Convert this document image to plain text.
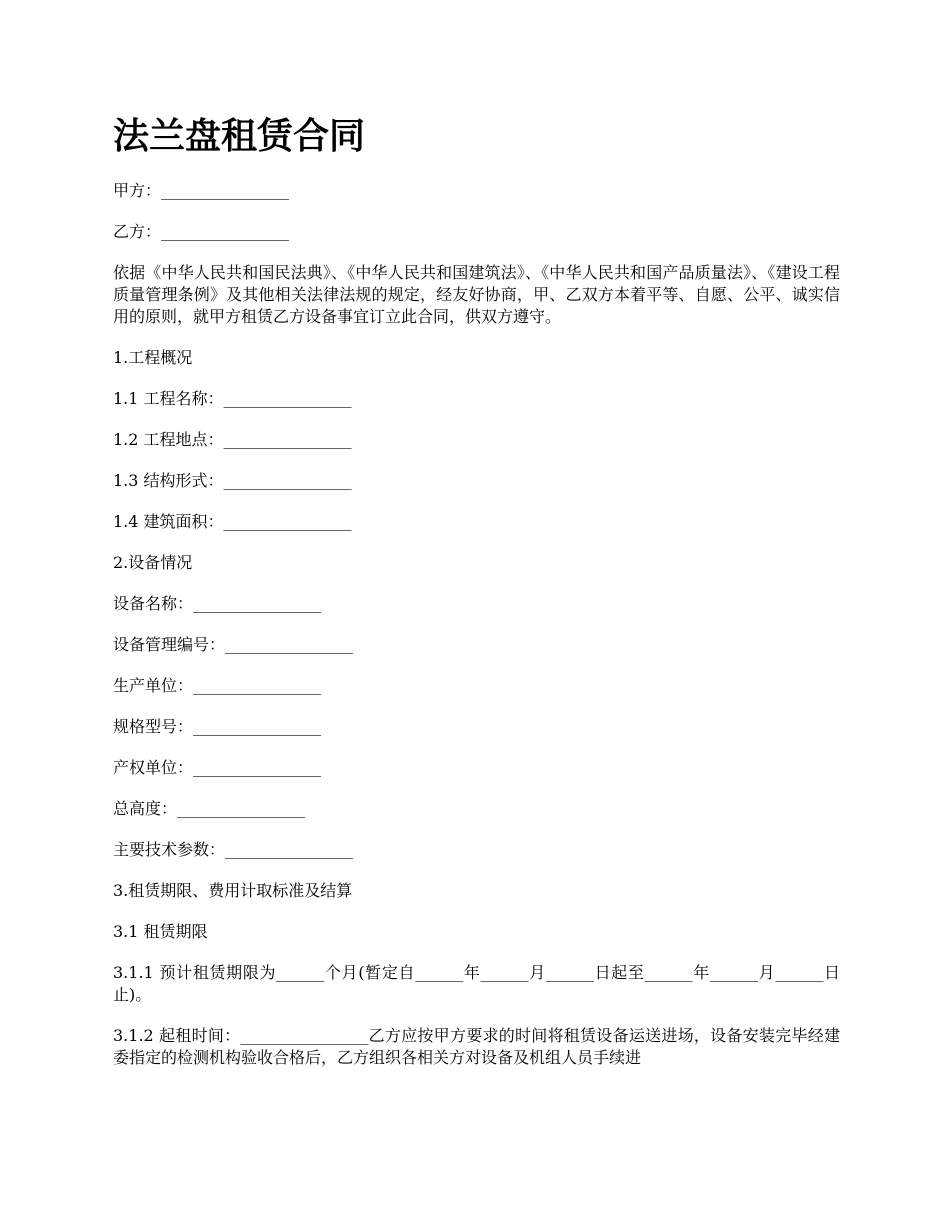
法兰盘租赁合同

甲方：________________

乙方：________________

依据《中华人民共和国民法典》、《中华人民共和国建筑法》、《中华人民共和国产品质量法》、《建设工程质量管理条例》及其他相关法律法规的规定，经友好协商，甲、乙双方本着平等、自愿、公平、诚实信用的原则，就甲方租赁乙方设备事宜订立此合同，供双方遵守。

1.工程概况

1.1 工程名称：________________

1.2 工程地点：________________

1.3 结构形式：________________

1.4 建筑面积：________________

2.设备情况

设备名称：________________

设备管理编号：________________

生产单位：________________

规格型号：________________

产权单位：________________

总高度：________________

主要技术参数：________________

3.租赁期限、费用计取标准及结算

3.1 租赁期限

3.1.1 预计租赁期限为______个月(暂定自______年______月______日起至______年______月______日止)。

3.1.2 起租时间：________________乙方应按甲方要求的时间将租赁设备运送进场，设备安装完毕经建委指定的检测机构验收合格后，乙方组织各相关方对设备及机组人员手续进
